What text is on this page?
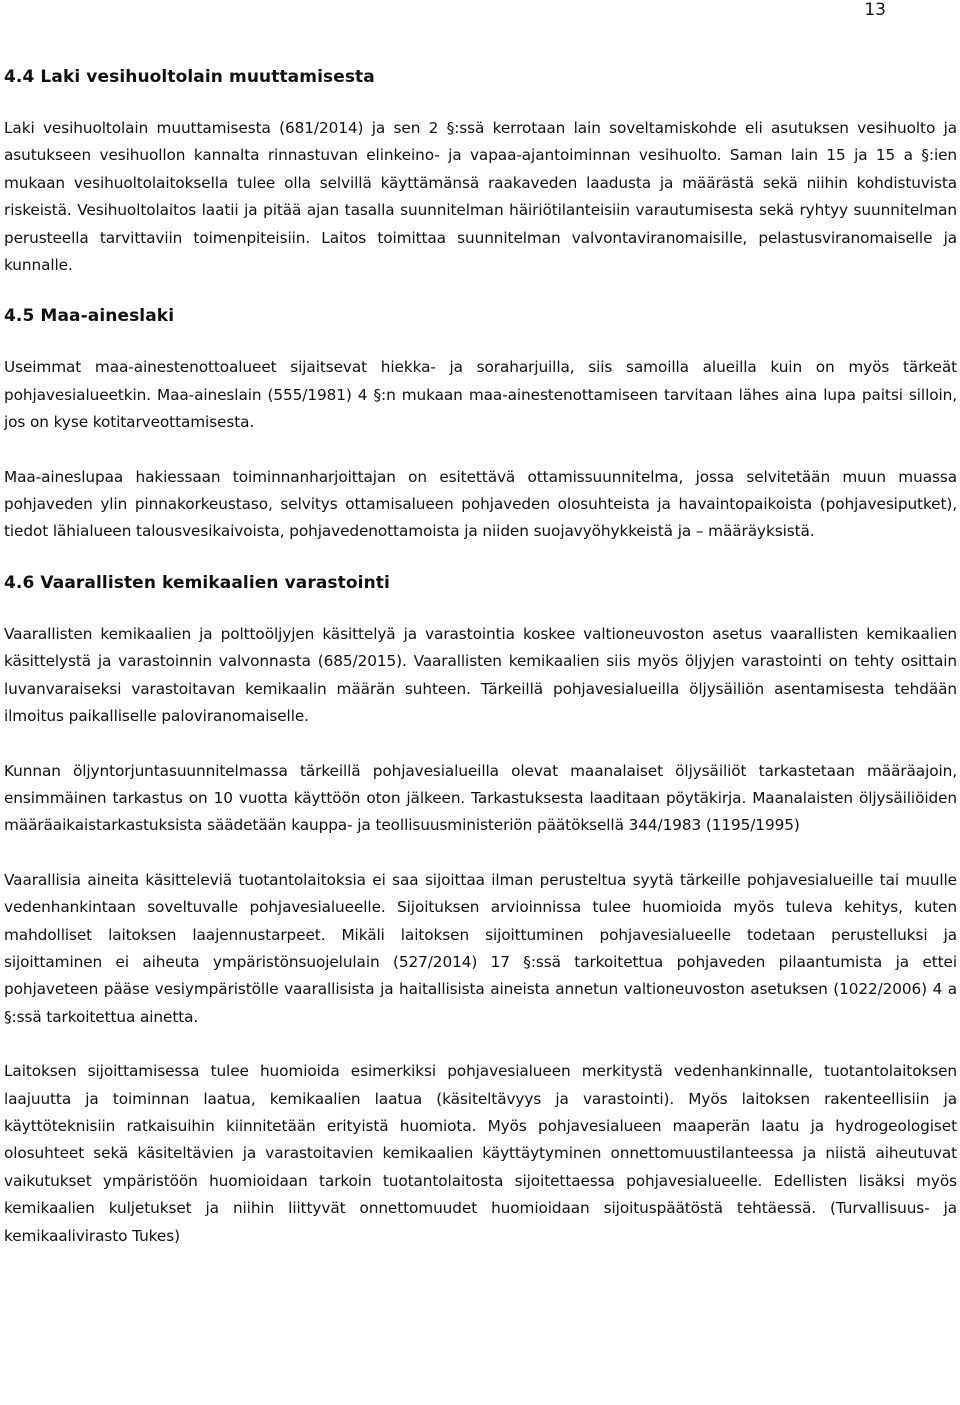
13
4.4 Laki vesihuoltolain muuttamisesta

Laki vesihuoltolain muuttamisesta (681/2014) ja sen 2 §:ssä kerrotaan lain soveltamiskohde eli asutuksen vesihuolto ja asutukseen vesihuollon kannalta rinnastuvan elinkeino- ja vapaa-ajantoiminnan vesihuolto. Saman lain 15 ja 15 a §:ien mukaan vesihuoltolaitoksella tulee olla selvillä käyttämänsä raakaveden laadusta ja määrästä sekä niihin kohdistuvista riskeistä. Vesihuoltolaitos laatii ja pitää ajan tasalla suunnitelman häiriötilanteisiin varautumisesta sekä ryhtyy suunnitelman perusteella tarvittaviin toimenpiteisiin. Laitos toimittaa suunnitelman valvontaviranomaisille, pelastusviranomaiselle ja kunnalle.

4.5 Maa-aineslaki

Useimmat maa-ainestenottoalueet sijaitsevat hiekka- ja soraharjuilla, siis samoilla alueilla kuin on myös tärkeät pohjavesialueetkin. Maa-aineslain (555/1981) 4 §:n mukaan maa-ainestenottamiseen tarvitaan lähes aina lupa paitsi silloin, jos on kyse kotitarveottamisesta.

Maa-aineslupaa hakiessaan toiminnanharjoittajan on esitettävä ottamissuunnitelma, jossa selvitetään muun muassa pohjaveden ylin pinnakorkeustaso, selvitys ottamisalueen pohjaveden olosuhteista ja havaintopaikoista (pohjavesiputket), tiedot lähialueen talousvesikaivoista, pohjavedenottamoista ja niiden suojavyöhykkeistä ja – määräyksistä.

4.6 Vaarallisten kemikaalien varastointi

Vaarallisten kemikaalien ja polttoöljyjen käsittelyä ja varastointia koskee valtioneuvoston asetus vaarallisten kemikaalien käsittelystä ja varastoinnin valvonnasta (685/2015). Vaarallisten kemikaalien siis myös öljyjen varastointi on tehty osittain luvanvaraiseksi varastoitavan kemikaalin määrän suhteen. Tärkeillä pohjavesialueilla öljysäiliön asentamisesta tehdään ilmoitus paikalliselle paloviranomaiselle.

Kunnan öljyntorjuntasuunnitelmassa tärkeillä pohjavesialueilla olevat maanalaiset öljysäiliöt tarkastetaan määräajoin, ensimmäinen tarkastus on 10 vuotta käyttöön oton jälkeen. Tarkastuksesta laaditaan pöytäkirja. Maanalaisten öljysäiliöiden määräaikaistarkastuksista säädetään kauppa- ja teollisuusministeriön päätöksellä 344/1983 (1195/1995)

Vaarallisia aineita käsitteleviä tuotantolaitoksia ei saa sijoittaa ilman perusteltua syytä tärkeille pohjavesialueille tai muulle vedenhankintaan soveltuvalle pohjavesialueelle. Sijoituksen arvioinnissa tulee huomioida myös tuleva kehitys, kuten mahdolliset laitoksen laajennustarpeet. Mikäli laitoksen sijoittuminen pohjavesialueelle todetaan perustelluksi ja sijoittaminen ei aiheuta ympäristönsuojelulain (527/2014) 17 §:ssä tarkoitettua pohjaveden pilaantumista ja ettei pohjaveteen pääse vesiympäristölle vaarallisista ja haitallisista aineista annetun valtioneuvoston asetuksen (1022/2006) 4 a §:ssä tarkoitettua ainetta.

Laitoksen sijoittamisessa tulee huomioida esimerkiksi pohjavesialueen merkitystä vedenhankinnalle, tuotantolaitoksen laajuutta ja toiminnan laatua, kemikaalien laatua (käsiteltävyys ja varastointi). Myös laitoksen rakenteellisiin ja käyttöteknisiin ratkaisuihin kiinnitetään erityistä huomiota. Myös pohjavesialueen maaperän laatu ja hydrogeologiset olosuhteet sekä käsiteltävien ja varastoitavien kemikaalien käyttäytyminen onnettomuustilanteessa ja niistä aiheutuvat vaikutukset ympäristöön huomioidaan tarkoin tuotantolaitosta sijoitettaessa pohjavesialueelle. Edellisten lisäksi myös kemikaalien kuljetukset ja niihin liittyvät onnettomuudet huomioidaan sijoituspäätöstä tehtäessä. (Turvallisuus- ja kemikaalivirasto Tukes)
